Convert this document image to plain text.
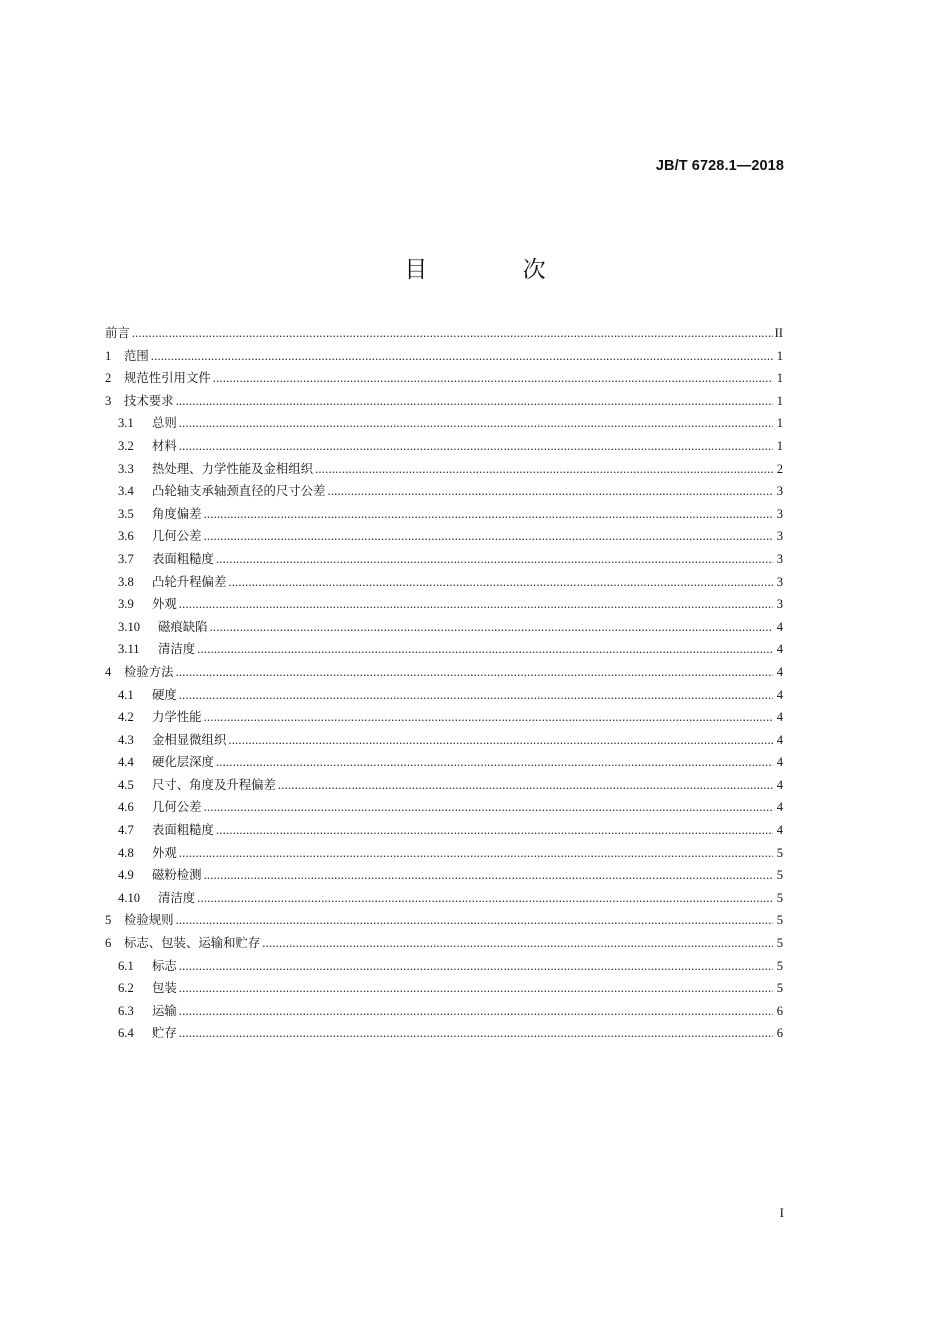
JB/T 6728.1—2018
目 次
前言 .....	II
1	范围 .....	1
2	规范性引用文件 .....	1
3	技术要求 .....	1
3.1	总则 .....	1
3.2	材料 .....	1
3.3	热处理、力学性能及金相组织 .....	2
3.4	凸轮轴支承轴颈直径的尺寸公差 .....	3
3.5	角度偏差 .....	3
3.6	几何公差 .....	3
3.7	表面粗糙度 .....	3
3.8	凸轮升程偏差 .....	3
3.9	外观 .....	3
3.10	磁痕缺陷 .....	4
3.11	清洁度 .....	4
4	检验方法 .....	4
4.1	硬度 .....	4
4.2	力学性能 .....	4
4.3	金相显微组织 .....	4
4.4	硬化层深度 .....	4
4.5	尺寸、角度及升程偏差 .....	4
4.6	几何公差 .....	4
4.7	表面粗糙度 .....	4
4.8	外观 .....	5
4.9	磁粉检测 .....	5
4.10	清洁度 .....	5
5	检验规则 .....	5
6	标志、包装、运输和贮存 .....	5
6.1	标志 .....	5
6.2	包装 .....	5
6.3	运输 .....	6
6.4	贮存 .....	6
I
